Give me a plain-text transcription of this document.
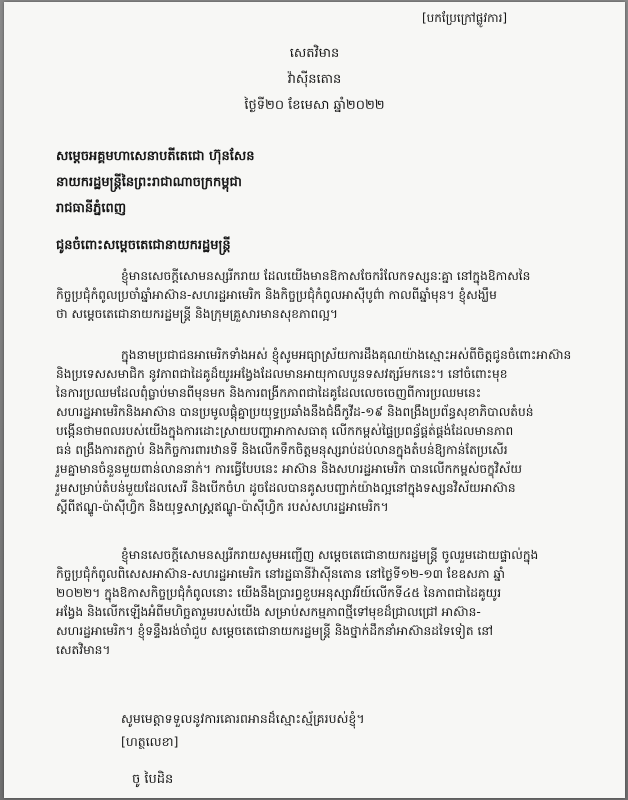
[បកប្រែក្រៅផ្លូវការ]
សេតវិមាន
វ៉ាស៊ីនតោន
ថ្ងៃទី២០ ខែមេសា ឆ្នាំ២០២២
សម្តេចអគ្គមហាសេនាបតីតេជោ ហ៊ុនសែន
នាយករដ្ឋមន្ត្រីនៃព្រះរាជាណាចក្រកម្ពុជា
រាជធានីភ្នំពេញ
ជូនចំពោះសម្តេចតេជោនាយករដ្ឋមន្ត្រី
ខ្ញុំមានសេចក្តីសោមនស្សរីករាយ ដែលយើងមានឱកាសចែករំលែកទស្សនៈគ្នា នៅក្នុងឱកាសនៃ
កិច្ចប្រជុំកំពូលប្រចាំឆ្នាំអាស៊ាន-សហរដ្ឋអាមេរិក និងកិច្ចប្រជុំកំពូលអាស៊ីបូព៌ា កាលពីឆ្នាំមុន។ ខ្ញុំសង្ឃឹម
ថា សម្តេចតេជោនាយករដ្ឋមន្ត្រី និងក្រុមគ្រួសារមានសុខភាពល្អ។
ក្នុងនាមប្រជាជនអាមេរិកទាំងអស់ ខ្ញុំសូមអធ្យាស្រ័យការដឹងគុណយ៉ាងស្មោះអស់ពីចិត្តជូនចំពោះអាស៊ាន
និងប្រទេសសមាជិក នូវភាពជាដៃគូដ៏យូរអង្វែងដែលមានអាយុកាលបួនទសវត្សរ៍មកនេះ។ នៅចំពោះមុខ
នៃការប្រឈមដែលពុំធ្លាប់មានពីមុនមក និងការពង្រីកភាពជាដៃគូដែលលេចចេញពីការប្រឈមនេះ
សហរដ្ឋអាមេរិកនិងអាស៊ាន បានប្រមូលផ្តុំគ្នាប្រយុទ្ធប្រឆាំងនឹងជំងឺកូវីដ-១៩ និងពង្រឹងប្រព័ន្ធសុខាភិបាលតំបន់
បង្កើនថាមពលរបស់យើងក្នុងការដោះស្រាយបញ្ហាអាកាសធាតុ លើកកម្ពស់ផ្ទៃប្រពន្ធ័ផ្គត់ផ្គង់ដែលមានភាព
ធន់ ពង្រឹងការតភ្ជាប់ និងកិច្ចការពារឋានទី និងលើកទឹកចិត្តមនុស្សរាប់ដប់លានក្នុងតំបន់ឱ្យកាន់តែប្រសើរ
រួមគ្នាមានចំនួនមួយពាន់លាននាក់។ ការធ្វើបែបនេះ អាស៊ាន និងសហរដ្ឋអាមេរិក បានលើកកម្ពស់ចក្ខុវិស័យ
រួមសម្រាប់តំបន់មួយដែលសេរី និងបើកចំហ ដូចដែលបានគូសបញ្ជាក់យ៉ាងល្អនៅក្នុងទស្សនវិស័យអាស៊ាន
ស្តីពីឥណ្ឌូ-ប៉ាស៊ីហ្វិក និងយុទ្ធសាស្ត្រឥណ្ឌូ-ប៉ាស៊ីហ្វិក របស់សហរដ្ឋអាមេរិក។
ខ្ញុំមានសេចក្តីសោមនស្សរីករាយសូមអញ្ជើញ សម្តេចតេជោនាយករដ្ឋមន្ត្រី ចូលរួមដោយផ្ទាល់ក្នុង
កិច្ចប្រជុំកំពូលពិសេសអាស៊ាន-សហរដ្ឋអាមេរិក នៅរដ្ឋធានីវ៉ាស៊ីនតោន នៅថ្ងៃទី១២-១៣ ខែឧសភា ឆ្នាំ
២០២២។ ក្នុងឱកាសកិច្ចប្រជុំកំពូលនោះ យើងនឹងប្រារព្ធខួបអនុស្សាវរីយ៍លើកទី៤៥ នៃភាពជាដៃគូយូរ
អង្វែង និងលើកឡើងអំពីមហិច្ឆតារួមរបស់យើង សម្រាប់សកម្មភាពថ្មីទៅមុខដ៏ជ្រាលជ្រៅ អាស៊ាន-
សហរដ្ឋអាមេរិក។ ខ្ញុំទន្ទឹងរង់ចាំជួប សម្តេចតេជោនាយករដ្ឋមន្ត្រី និងថ្នាក់ដឹកនាំអាស៊ានដទៃទៀត នៅ
សេតវិមាន។
សូមមេត្តាទទួលនូវការគោរពអានដ៏ស្មោះស្ម័គ្ររបស់ខ្ញុំ។
[ហត្ថលេខា]
ចូ បៃដិន
